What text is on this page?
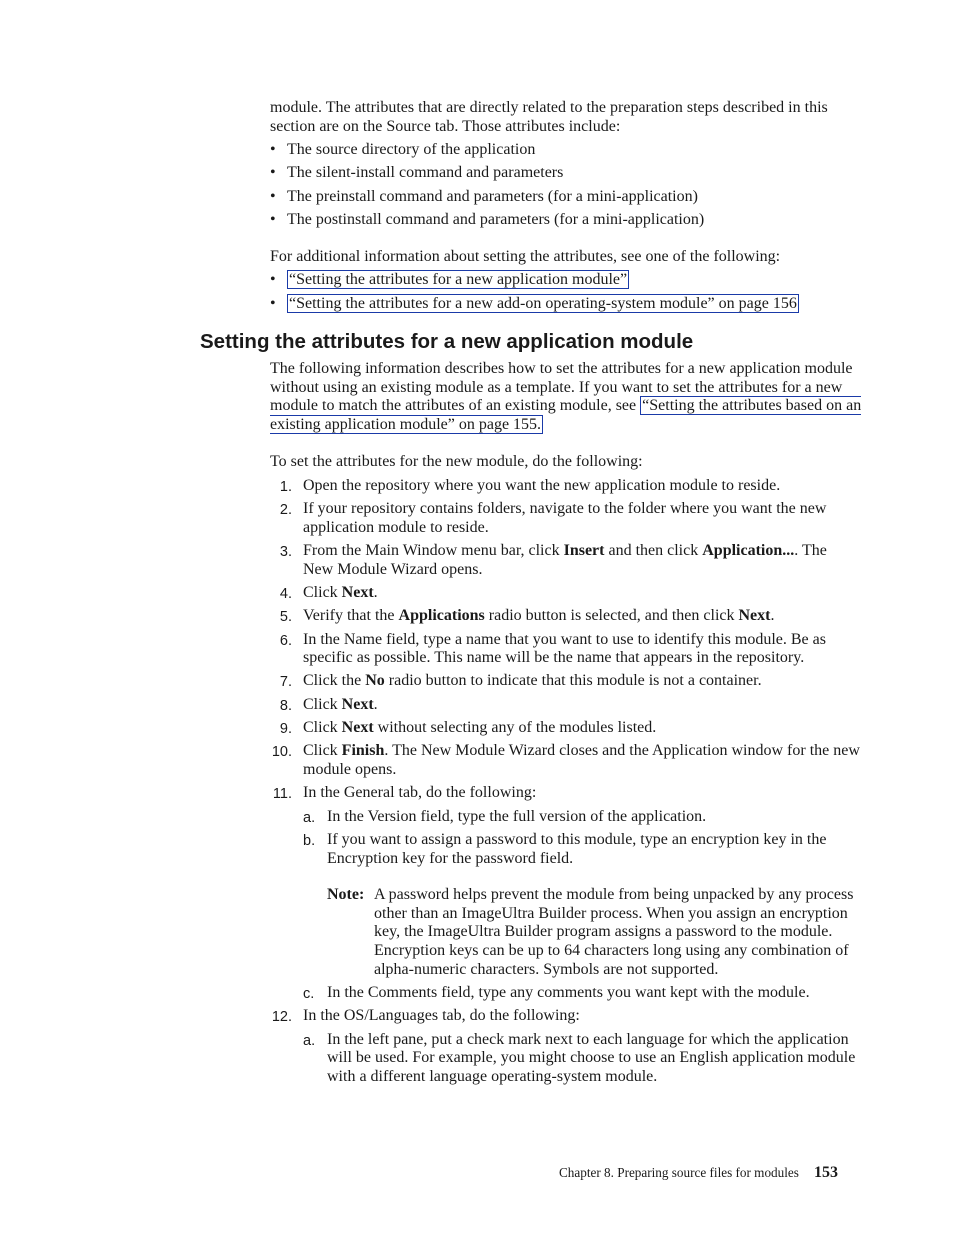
module. The attributes that are directly related to the preparation steps described in this section are on the Source tab. Those attributes include:

• The source directory of the application
• The silent-install command and parameters
• The preinstall command and parameters (for a mini-application)
• The postinstall command and parameters (for a mini-application)

For additional information about setting the attributes, see one of the following:

• “Setting the attributes for a new application module”
• “Setting the attributes for a new add-on operating-system module” on page 156
Setting the attributes for a new application module

The following information describes how to set the attributes for a new application module without using an existing module as a template. If you want to set the attributes for a new module to match the attributes of an existing module, see “Setting the attributes based on an existing application module” on page 155.

To set the attributes for the new module, do the following:

1. Open the repository where you want the new application module to reside.
2. If your repository contains folders, navigate to the folder where you want the new application module to reside.
3. From the Main Window menu bar, click Insert and then click Application.... The New Module Wizard opens.
4. Click Next.
5. Verify that the Applications radio button is selected, and then click Next.
6. In the Name field, type a name that you want to use to identify this module. Be as specific as possible. This name will be the name that appears in the repository.
7. Click the No radio button to indicate that this module is not a container.
8. Click Next.
9. Click Next without selecting any of the modules listed.
10. Click Finish. The New Module Wizard closes and the Application window for the new module opens.
11. In the General tab, do the following:
a. In the Version field, type the full version of the application.
b. If you want to assign a password to this module, type an encryption key in the Encryption key for the password field.
Note: A password helps prevent the module from being unpacked by any process other than an ImageUltra Builder process. When you assign an encryption key, the ImageUltra Builder program assigns a password to the module. Encryption keys can be up to 64 characters long using any combination of alpha-numeric characters. Symbols are not supported.
c. In the Comments field, type any comments you want kept with the module.
12. In the OS/Languages tab, do the following:
a. In the left pane, put a check mark next to each language for which the application will be used. For example, you might choose to use an English application module with a different language operating-system module.
Chapter 8. Preparing source files for modules 153
